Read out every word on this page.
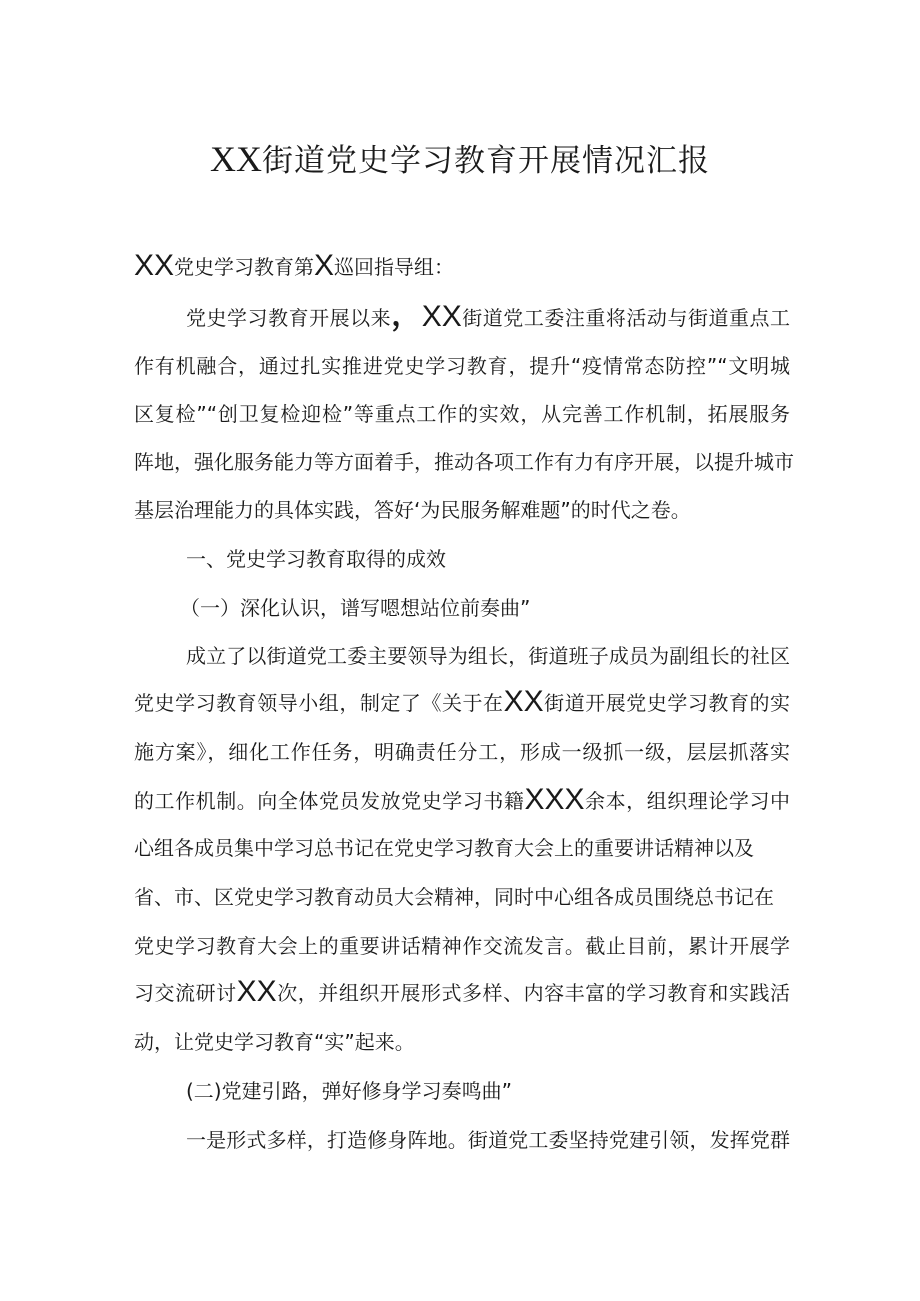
XX街道党史学习教育开展情况汇报
XX党史学习教育第X巡回指导组：
党史学习教育开展以来，XX街道党工委注重将活动与街道重点工
作有机融合，通过扎实推进党史学习教育，提升“疫情常态防控”“文明城
区复检”“创卫复检迎检”等重点工作的实效，从完善工作机制，拓展服务
阵地，强化服务能力等方面着手，推动各项工作有力有序开展，以提升城市
基层治理能力的具体实践，答好‘为民服务解难题”的时代之卷。
一、党史学习教育取得的成效
（一）深化认识，谱写嗯想站位前奏曲”
成立了以街道党工委主要领导为组长，街道班子成员为副组长的社区
党史学习教育领导小组，制定了《关于在XX街道开展党史学习教育的实
施方案》，细化工作任务，明确责任分工，形成一级抓一级，层层抓落实
的工作机制。向全体党员发放党史学习书籍XXX余本，组织理论学习中
心组各成员集中学习总书记在党史学习教育大会上的重要讲话精神以及
省、市、区党史学习教育动员大会精神，同时中心组各成员围绕总书记在
党史学习教育大会上的重要讲话精神作交流发言。截止目前，累计开展学
习交流研讨XX次，并组织开展形式多样、内容丰富的学习教育和实践活
动，让党史学习教育“实”起来。
(二)党建引路，弹好修身学习奏鸣曲”
一是形式多样，打造修身阵地。街道党工委坚持党建引领，发挥党群
